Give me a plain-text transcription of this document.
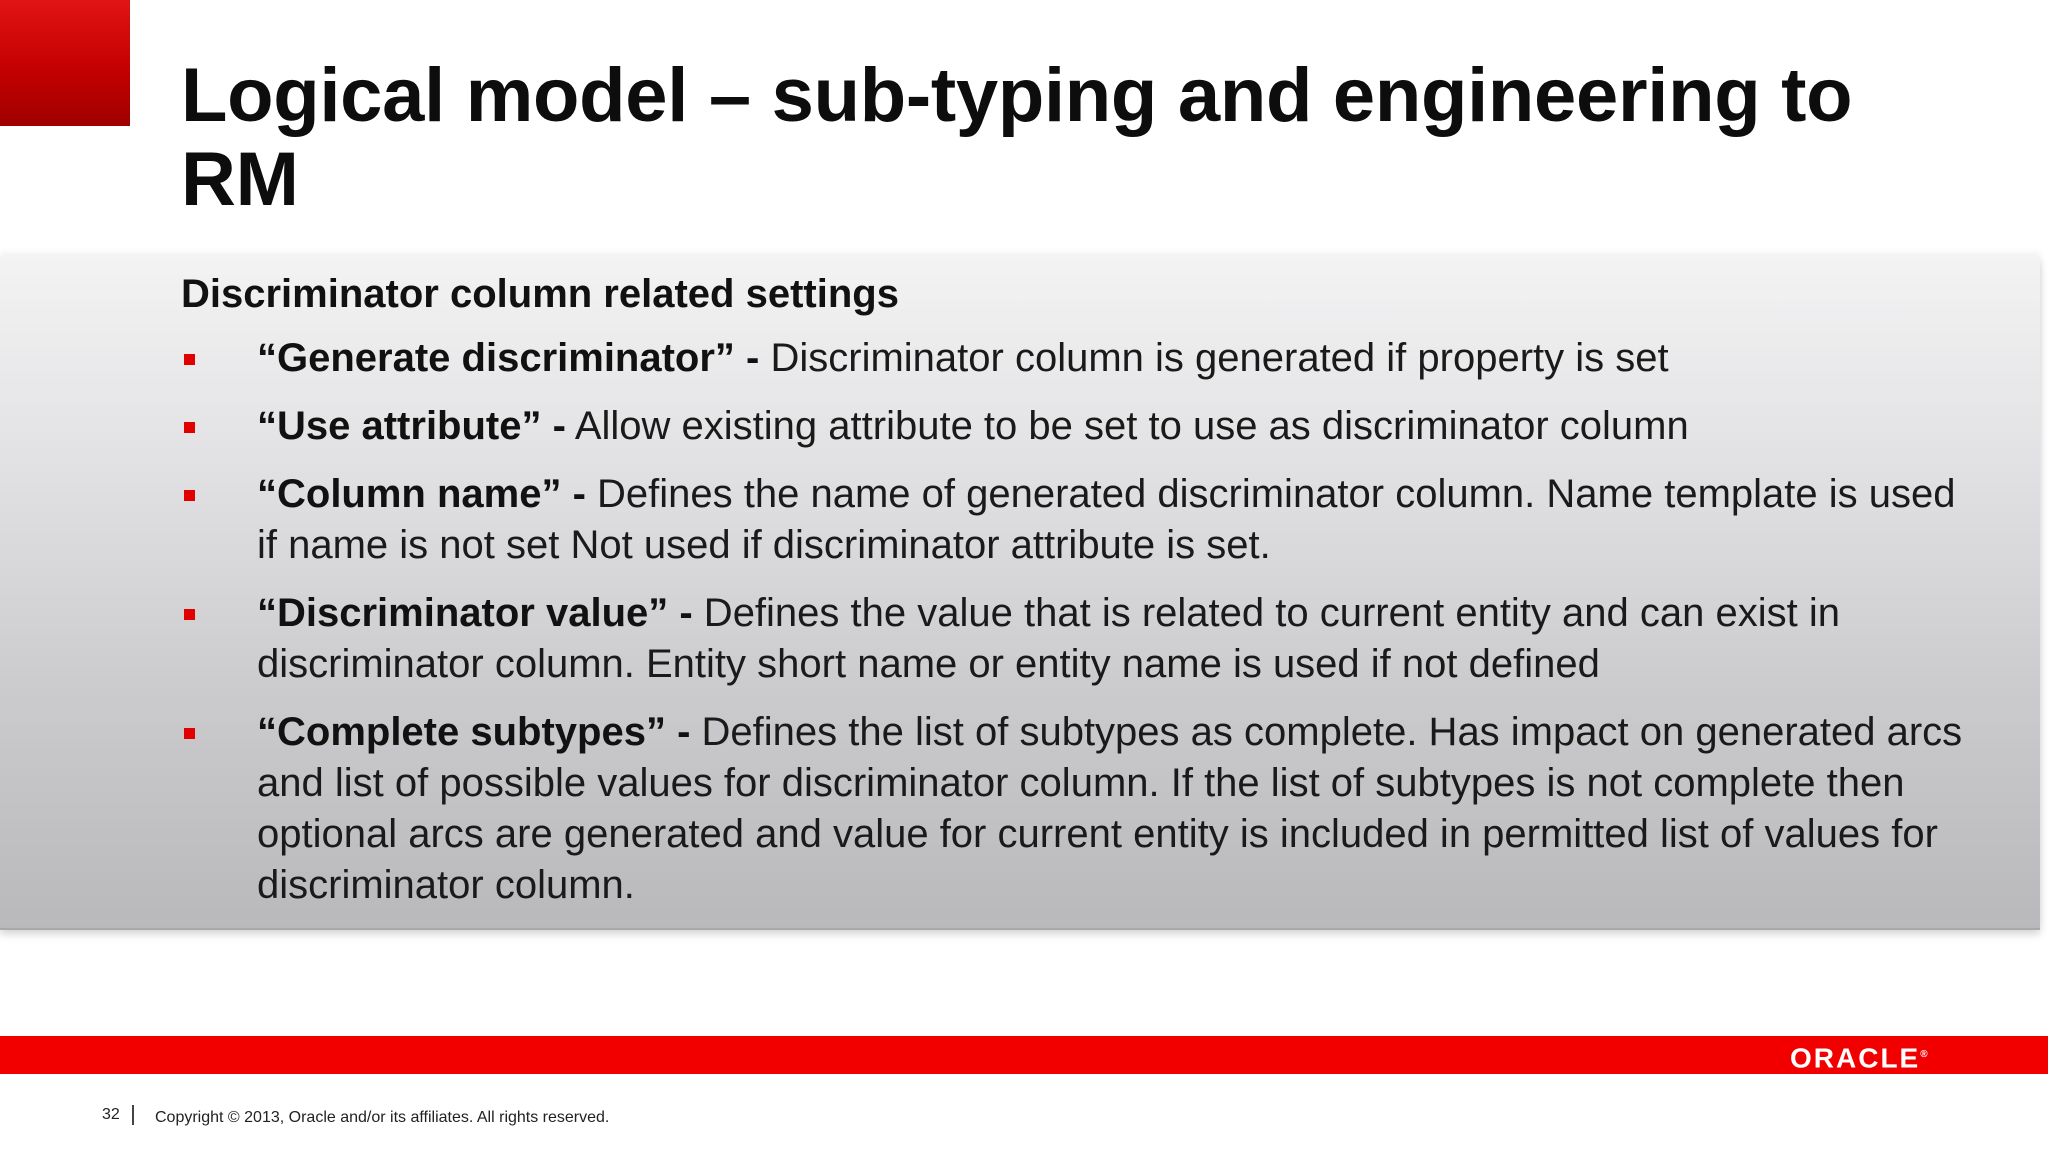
Logical model – sub-typing and engineering to RM
Discriminator column related settings
“Generate discriminator” - Discriminator column is generated if property is set
“Use attribute” - Allow existing attribute to be set to use as discriminator column
“Column name” - Defines the name of generated discriminator column. Name template is used if name is not set Not used if discriminator attribute is set.
“Discriminator value” - Defines the value that is related to current entity and can exist in discriminator column. Entity short name or entity name is used if not defined
“Complete subtypes” - Defines the list of subtypes as complete. Has impact on generated arcs and list of possible values for discriminator column. If the list of subtypes is not complete then optional arcs are generated and value for current entity is included in permitted list of values for discriminator column.
ORACLE®
32 Copyright © 2013, Oracle and/or its affiliates. All rights reserved.
